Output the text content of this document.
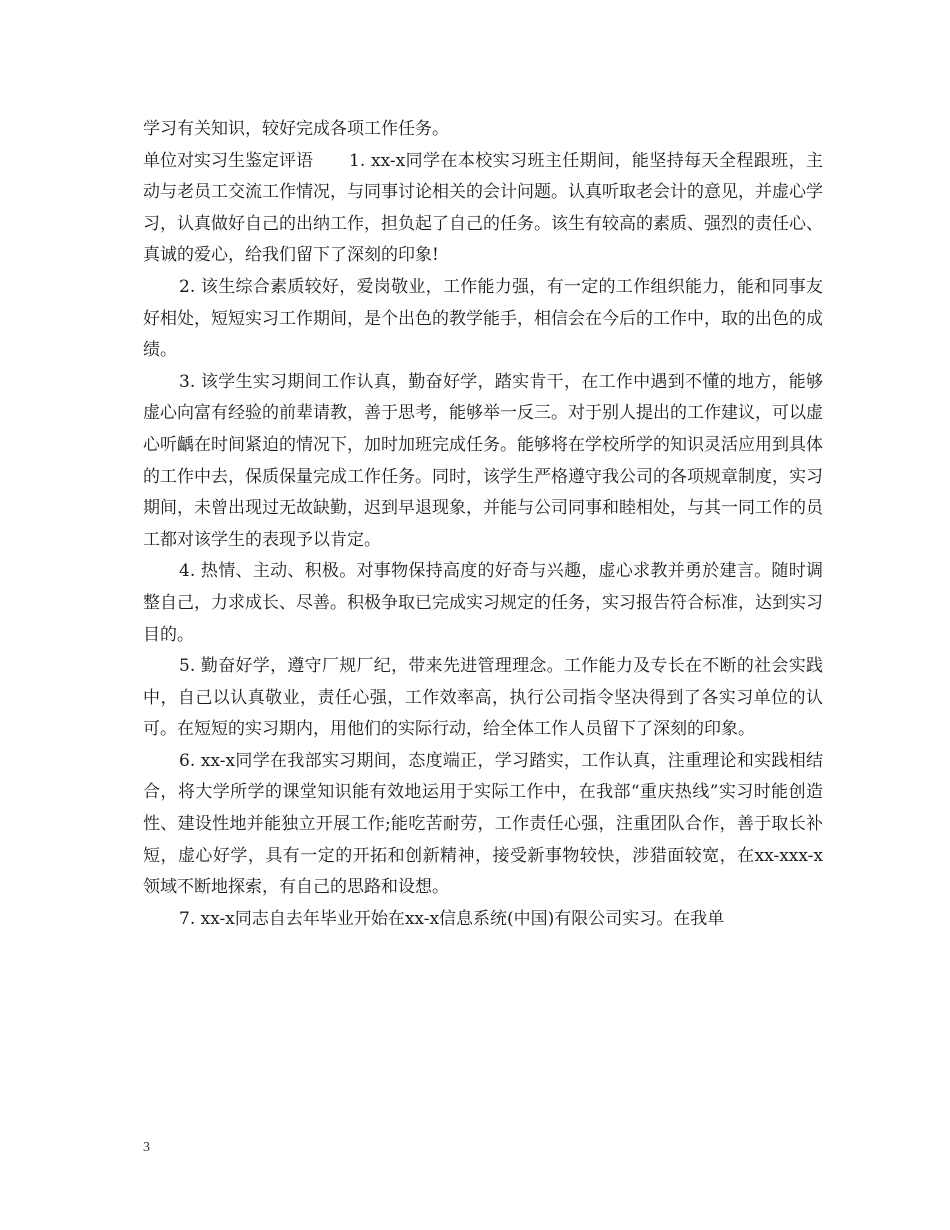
学习有关知识，较好完成各项工作任务。

单位对实习生鉴定评语 1. xx-x同学在本校实习班主任期间，能坚持每天全程跟班，主动与老员工交流工作情况，与同事讨论相关的会计问题。认真听取老会计的意见，并虚心学习，认真做好自己的出纳工作，担负起了自己的任务。该生有较高的素质、强烈的责任心、真诚的爱心，给我们留下了深刻的印象!

2. 该生综合素质较好，爱岗敬业，工作能力强，有一定的工作组织能力，能和同事友好相处，短短实习工作期间，是个出色的教学能手，相信会在今后的工作中，取的出色的成绩。

3. 该学生实习期间工作认真，勤奋好学，踏实肯干，在工作中遇到不懂的地方，能够虚心向富有经验的前辈请教，善于思考，能够举一反三。对于别人提出的工作建议，可以虚心听齲在时间紧迫的情况下，加时加班完成任务。能够将在学校所学的知识灵活应用到具体的工作中去，保质保量完成工作任务。同时，该学生严格遵守我公司的各项规章制度，实习期间，未曾出现过无故缺勤，迟到早退现象，并能与公司同事和睦相处，与其一同工作的员工都对该学生的表现予以肯定。

4. 热情、主动、积极。对事物保持高度的好奇与兴趣，虚心求教并勇於建言。随时调整自己，力求成长、尽善。积极争取已完成实习规定的任务，实习报告符合标准，达到实习目的。

5. 勤奋好学，遵守厂规厂纪，带来先进管理理念。工作能力及专长在不断的社会实践中，自己以认真敬业，责任心强，工作效率高，执行公司指令坚决得到了各实习单位的认可。在短短的实习期内，用他们的实际行动，给全体工作人员留下了深刻的印象。

6. xx-x同学在我部实习期间，态度端正，学习踏实，工作认真，注重理论和实践相结合，将大学所学的课堂知识能有效地运用于实际工作中，在我部“重庆热线”实习时能创造性、建设性地并能独立开展工作;能吃苦耐劳，工作责任心强，注重团队合作，善于取长补短，虚心好学，具有一定的开拓和创新精神，接受新事物较快，涉猎面较宽，在xx-xxx-x领域不断地探索，有自己的思路和设想。

7. xx-x同志自去年毕业开始在xx-x信息系统(中国)有限公司实习。在我单

3
